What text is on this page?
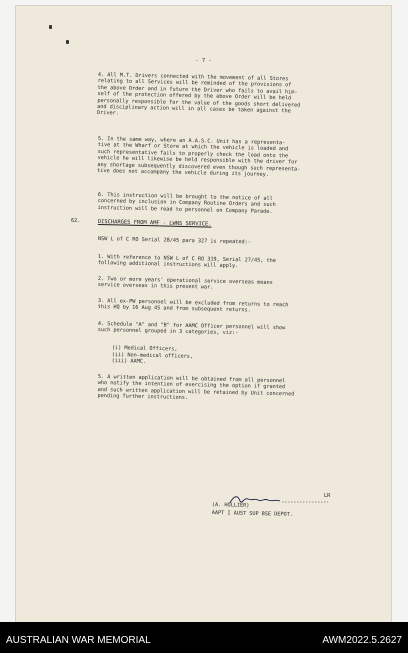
- 7 -
4. All M.T. Drivers connected with the movement of all Stores
relating to all Services will be reminded of the provisions of
the above Order and in future the Driver who fails to avail him-
self of the protection offered by the above Order will be held
personally responsible for the value of the goods short delivered
and disciplinary action will in all cases be taken against the
Driver.
5. In the same way, where an A.A.S.C. Unit has a representa-
tive at the Wharf or Store at which the vehicle is loaded and
such representative fails to properly check the load onto the
vehicle he will likewise be held responsible with the driver for
any shortage subsequently discovered even though such representa-
tive does not accompany the vehicle during its journey.
6. This instruction will be brought to the notice of all
concerned by inclusion in Company Routine Orders and such
instruction will be read to personnel on Company Parade.
62.	DISCHARGES FROM AMF - LWNS SERVICE.
NSW L of C RO Serial 28/45 para 327 is repeated:-
1. With reference to NSW L of C RO 319, Serial 27/45, the
following additional instructions will apply.
2. Two or more years' operational service overseas means
service overseas in this present war.
3. All ex-PW personnel will be excluded from returns to reach
this HQ by 16 Aug 45 and from subsequent returns.
4. Schedule "A" and "B" for AAMC Officer personnel will show
such personnel grouped in 3 categories, viz:-
(i) Medical Officers,
(ii) Non-medical officers,
(iii) AAMC.
5. A written application will be obtained from all personnel
who notify the intention of exercising the option if granted
and such written application will be retained by Unit concerned
pending further instructions.
LR
(A. HOLLIER)
AAPT I AUST SUP BSE DEPOT.
AUSTRALIAN WAR MEMORIAL	AWM2022.5.2627
